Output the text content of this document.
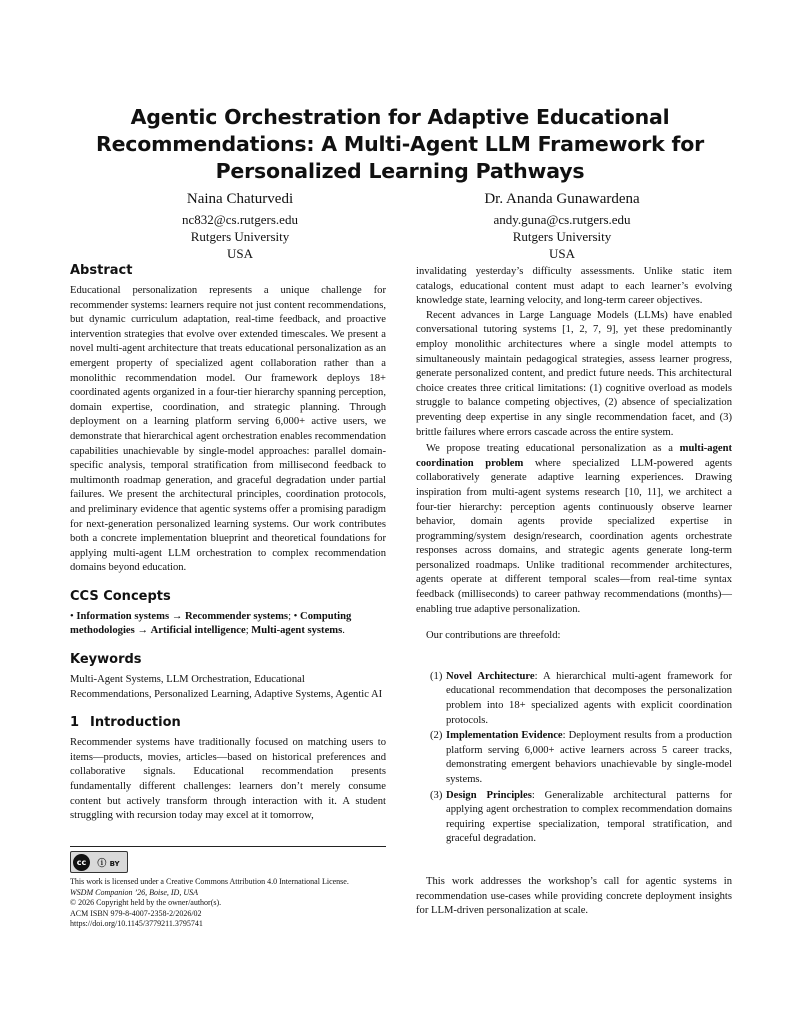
Agentic Orchestration for Adaptive Educational
Recommendations: A Multi-Agent LLM Framework for
Personalized Learning Pathways
Naina Chaturvedi
nc832@cs.rutgers.edu
Rutgers University
USA
Dr. Ananda Gunawardena
andy.guna@cs.rutgers.edu
Rutgers University
USA
Abstract

Educational personalization represents a unique challenge for recommender systems: learners require not just content recommendations, but dynamic curriculum adaptation, real-time feedback, and proactive intervention strategies that evolve over extended timescales. We present a novel multi-agent architecture that treats educational personalization as an emergent property of specialized agent collaboration rather than a monolithic recommendation model. Our framework deploys 18+ coordinated agents organized in a four-tier hierarchy spanning perception, domain expertise, coordination, and strategic planning. Through deployment on a learning platform serving 6,000+ active users, we demonstrate that hierarchical agent orchestration enables recommendation capabilities unachievable by single-model approaches: parallel domain-specific analysis, temporal stratification from millisecond feedback to multimonth roadmap generation, and graceful degradation under partial failures. We present the architectural principles, coordination protocols, and preliminary evidence that agentic systems offer a promising paradigm for next-generation personalized learning systems. Our work contributes both a concrete implementation blueprint and theoretical foundations for applying multi-agent LLM orchestration to complex recommendation domains beyond education.

CCS Concepts

• Information systems → Recommender systems; • Computing methodologies → Artificial intelligence; Multi-agent systems.

Keywords

Multi-Agent Systems, LLM Orchestration, Educational Recommendations, Personalized Learning, Adaptive Systems, Agentic AI

1 Introduction

Recommender systems have traditionally focused on matching users to items—products, movies, articles—based on historical preferences and collaborative signals. Educational recommendation presents fundamentally different challenges: learners don’t merely consume content but actively transform through interaction with it. A student struggling with recursion today may excel at it tomorrow,

cc	ⓘ BY
This work is licensed under a Creative Commons Attribution 4.0 International License.
WSDM Companion ’26, Boise, ID, USA
© 2026 Copyright held by the owner/author(s).
ACM ISBN 979-8-4007-2358-2/2026/02
https://doi.org/10.1145/3779211.3795741

invalidating yesterday’s difficulty assessments. Unlike static item catalogs, educational content must adapt to each learner’s evolving knowledge state, learning velocity, and long-term career objectives.

Recent advances in Large Language Models (LLMs) have enabled conversational tutoring systems [1, 2, 7, 9], yet these predominantly employ monolithic architectures where a single model attempts to simultaneously maintain pedagogical strategies, assess learner progress, generate personalized content, and predict future needs. This architectural choice creates three critical limitations: (1) cognitive overload as models struggle to balance competing objectives, (2) absence of specialization preventing deep expertise in any single recommendation facet, and (3) brittle failures where errors cascade across the entire system.

We propose treating educational personalization as a multi-agent coordination problem where specialized LLM-powered agents collaboratively generate adaptive learning experiences. Drawing inspiration from multi-agent systems research [10, 11], we architect a four-tier hierarchy: perception agents continuously observe learner behavior, domain agents provide specialized expertise in programming/system design/research, coordination agents orchestrate responses across domains, and strategic agents generate long-term personalized roadmaps. Unlike traditional recommender architectures, agents operate at different temporal scales—from real-time syntax feedback (milliseconds) to career pathway recommendations (months)—enabling true adaptive personalization.

Our contributions are threefold:

(1) Novel Architecture: A hierarchical multi-agent framework for educational recommendation that decomposes the personalization problem into 18+ specialized agents with explicit coordination protocols.

(2) Implementation Evidence: Deployment results from a production platform serving 6,000+ active learners across 5 career tracks, demonstrating emergent behaviors unachievable by single-model systems.

(3) Design Principles: Generalizable architectural patterns for applying agent orchestration to complex recommendation domains requiring expertise specialization, temporal stratification, and graceful degradation.

This work addresses the workshop’s call for agentic systems in recommendation use-cases while providing concrete deployment insights for LLM-driven personalization at scale.
